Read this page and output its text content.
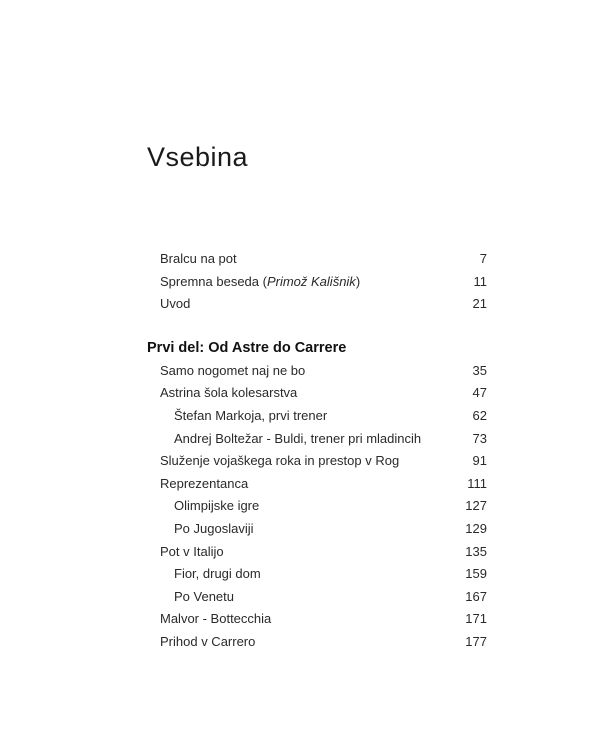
Vsebina
Bralcu na pot	7
Spremna beseda (Primož Kališnik)	11
Uvod	21
Prvi del: Od Astre do Carrere
Samo nogomet naj ne bo	35
Astrina šola kolesarstva	47
Štefan Markoja, prvi trener	62
Andrej Boltežar - Buldi, trener pri mladincih	73
Služenje vojaškega roka in prestop v Rog	91
Reprezentanca	111
Olimpijske igre	127
Po Jugoslaviji	129
Pot v Italijo	135
Fior, drugi dom	159
Po Venetu	167
Malvor - Bottecchia	171
Prihod v Carrero	177
